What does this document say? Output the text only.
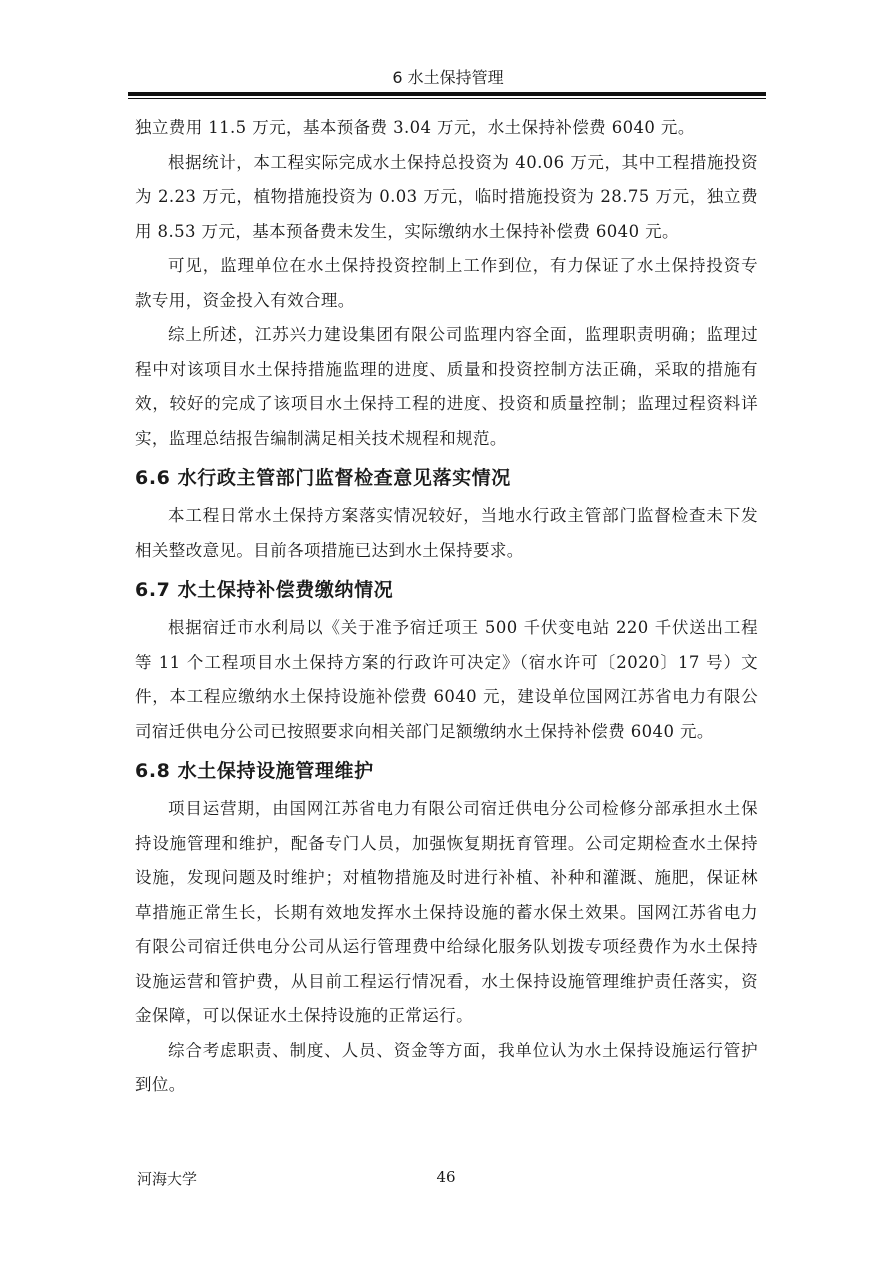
6 水土保持管理

独立费用 11.5 万元，基本预备费 3.04 万元，水土保持补偿费 6040 元。

根据统计，本工程实际完成水土保持总投资为 40.06 万元，其中工程措施投资为 2.23 万元，植物措施投资为 0.03 万元，临时措施投资为 28.75 万元，独立费用 8.53 万元，基本预备费未发生，实际缴纳水土保持补偿费 6040 元。

可见，监理单位在水土保持投资控制上工作到位，有力保证了水土保持投资专款专用，资金投入有效合理。

综上所述，江苏兴力建设集团有限公司监理内容全面，监理职责明确；监理过程中对该项目水土保持措施监理的进度、质量和投资控制方法正确，采取的措施有效，较好的完成了该项目水土保持工程的进度、投资和质量控制；监理过程资料详实，监理总结报告编制满足相关技术规程和规范。

6.6 水行政主管部门监督检查意见落实情况

本工程日常水土保持方案落实情况较好，当地水行政主管部门监督检查未下发相关整改意见。目前各项措施已达到水土保持要求。

6.7 水土保持补偿费缴纳情况

根据宿迁市水利局以《关于准予宿迁项王 500 千伏变电站 220 千伏送出工程等 11 个工程项目水土保持方案的行政许可决定》（宿水许可〔2020〕17 号）文件，本工程应缴纳水土保持设施补偿费 6040 元，建设单位国网江苏省电力有限公司宿迁供电分公司已按照要求向相关部门足额缴纳水土保持补偿费 6040 元。

6.8 水土保持设施管理维护

项目运营期，由国网江苏省电力有限公司宿迁供电分公司检修分部承担水土保持设施管理和维护，配备专门人员，加强恢复期抚育管理。公司定期检查水土保持设施，发现问题及时维护；对植物措施及时进行补植、补种和灌溉、施肥，保证林草措施正常生长，长期有效地发挥水土保持设施的蓄水保土效果。国网江苏省电力有限公司宿迁供电分公司从运行管理费中给绿化服务队划拨专项经费作为水土保持设施运营和管护费，从目前工程运行情况看，水土保持设施管理维护责任落实，资金保障，可以保证水土保持设施的正常运行。

综合考虑职责、制度、人员、资金等方面，我单位认为水土保持设施运行管护到位。

河海大学	46
